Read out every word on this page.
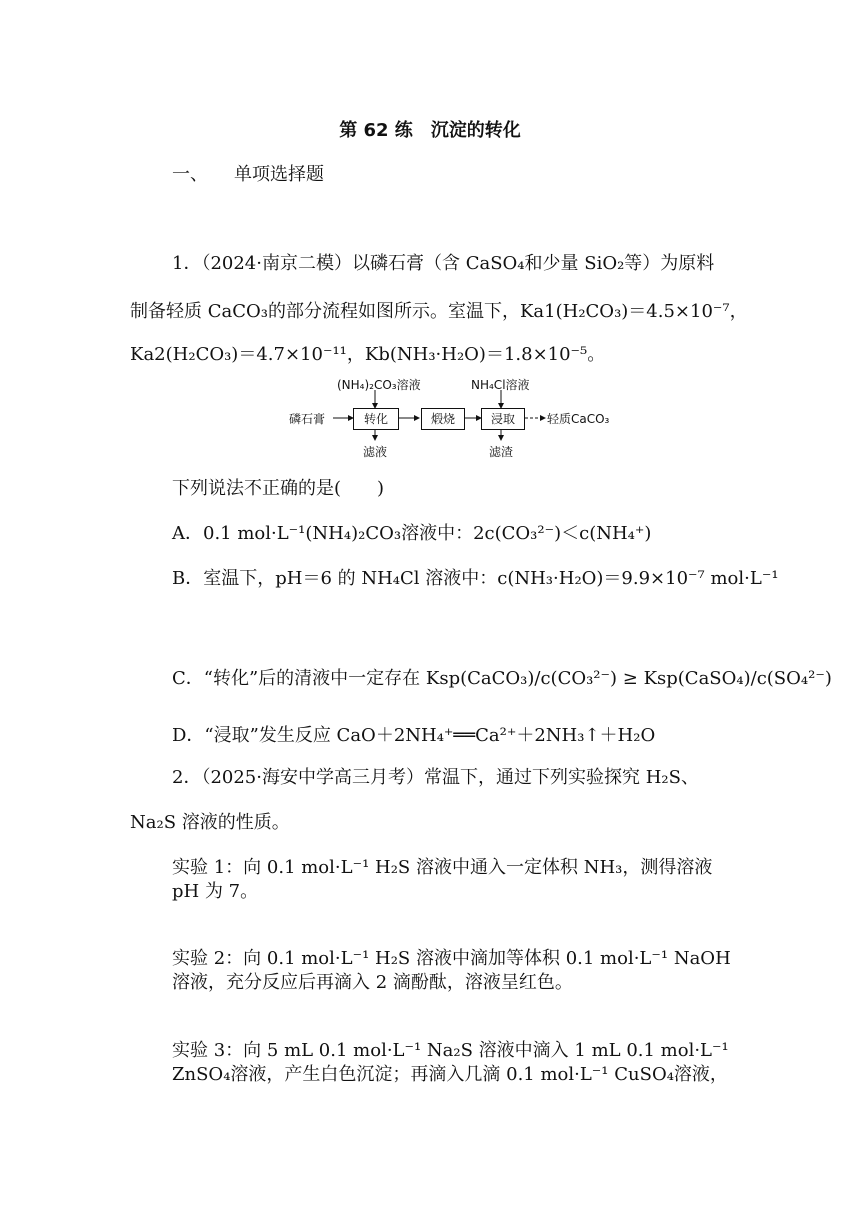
第 62 练 沉淀的转化
一、 单项选择题
1．（2024·南京二模）以磷石膏（含 CaSO₄和少量 SiO₂等）为原料
制备轻质 CaCO₃的部分流程如图所示。室温下，Ka1(H₂CO₃)＝4.5×10⁻⁷，
Ka2(H₂CO₃)＝4.7×10⁻¹¹，Kb(NH₃·H₂O)＝1.8×10⁻⁵。
(NH₄)₂CO₃溶液	NH₄Cl溶液
磷石膏	转化	煅烧	浸取	轻质CaCO₃
滤液	滤渣
下列说法不正确的是(　　)
A．0.1 mol·L⁻¹(NH₄)₂CO₃溶液中：2c(CO₃²⁻)＜c(NH₄⁺)
B．室温下，pH＝6 的 NH₄Cl 溶液中：c(NH₃·H₂O)＝9.9×10⁻⁷ mol·L⁻¹
C．“转化”后的清液中一定存在 Ksp(CaCO₃)/c(CO₃²⁻) ≥ Ksp(CaSO₄)/c(SO₄²⁻)
D．“浸取”发生反应 CaO＋2NH₄⁺══Ca²⁺＋2NH₃↑＋H₂O
2．（2025·海安中学高三月考）常温下，通过下列实验探究 H₂S、
Na₂S 溶液的性质。
实验 1：向 0.1 mol·L⁻¹ H₂S 溶液中通入一定体积 NH₃，测得溶液 pH 为 7。
实验 2：向 0.1 mol·L⁻¹ H₂S 溶液中滴加等体积 0.1 mol·L⁻¹ NaOH 溶液，充分反应后再滴入 2 滴酚酞，溶液呈红色。
实验 3：向 5 mL 0.1 mol·L⁻¹ Na₂S 溶液中滴入 1 mL 0.1 mol·L⁻¹ ZnSO₄溶液，产生白色沉淀；再滴入几滴 0.1 mol·L⁻¹ CuSO₄溶液，
